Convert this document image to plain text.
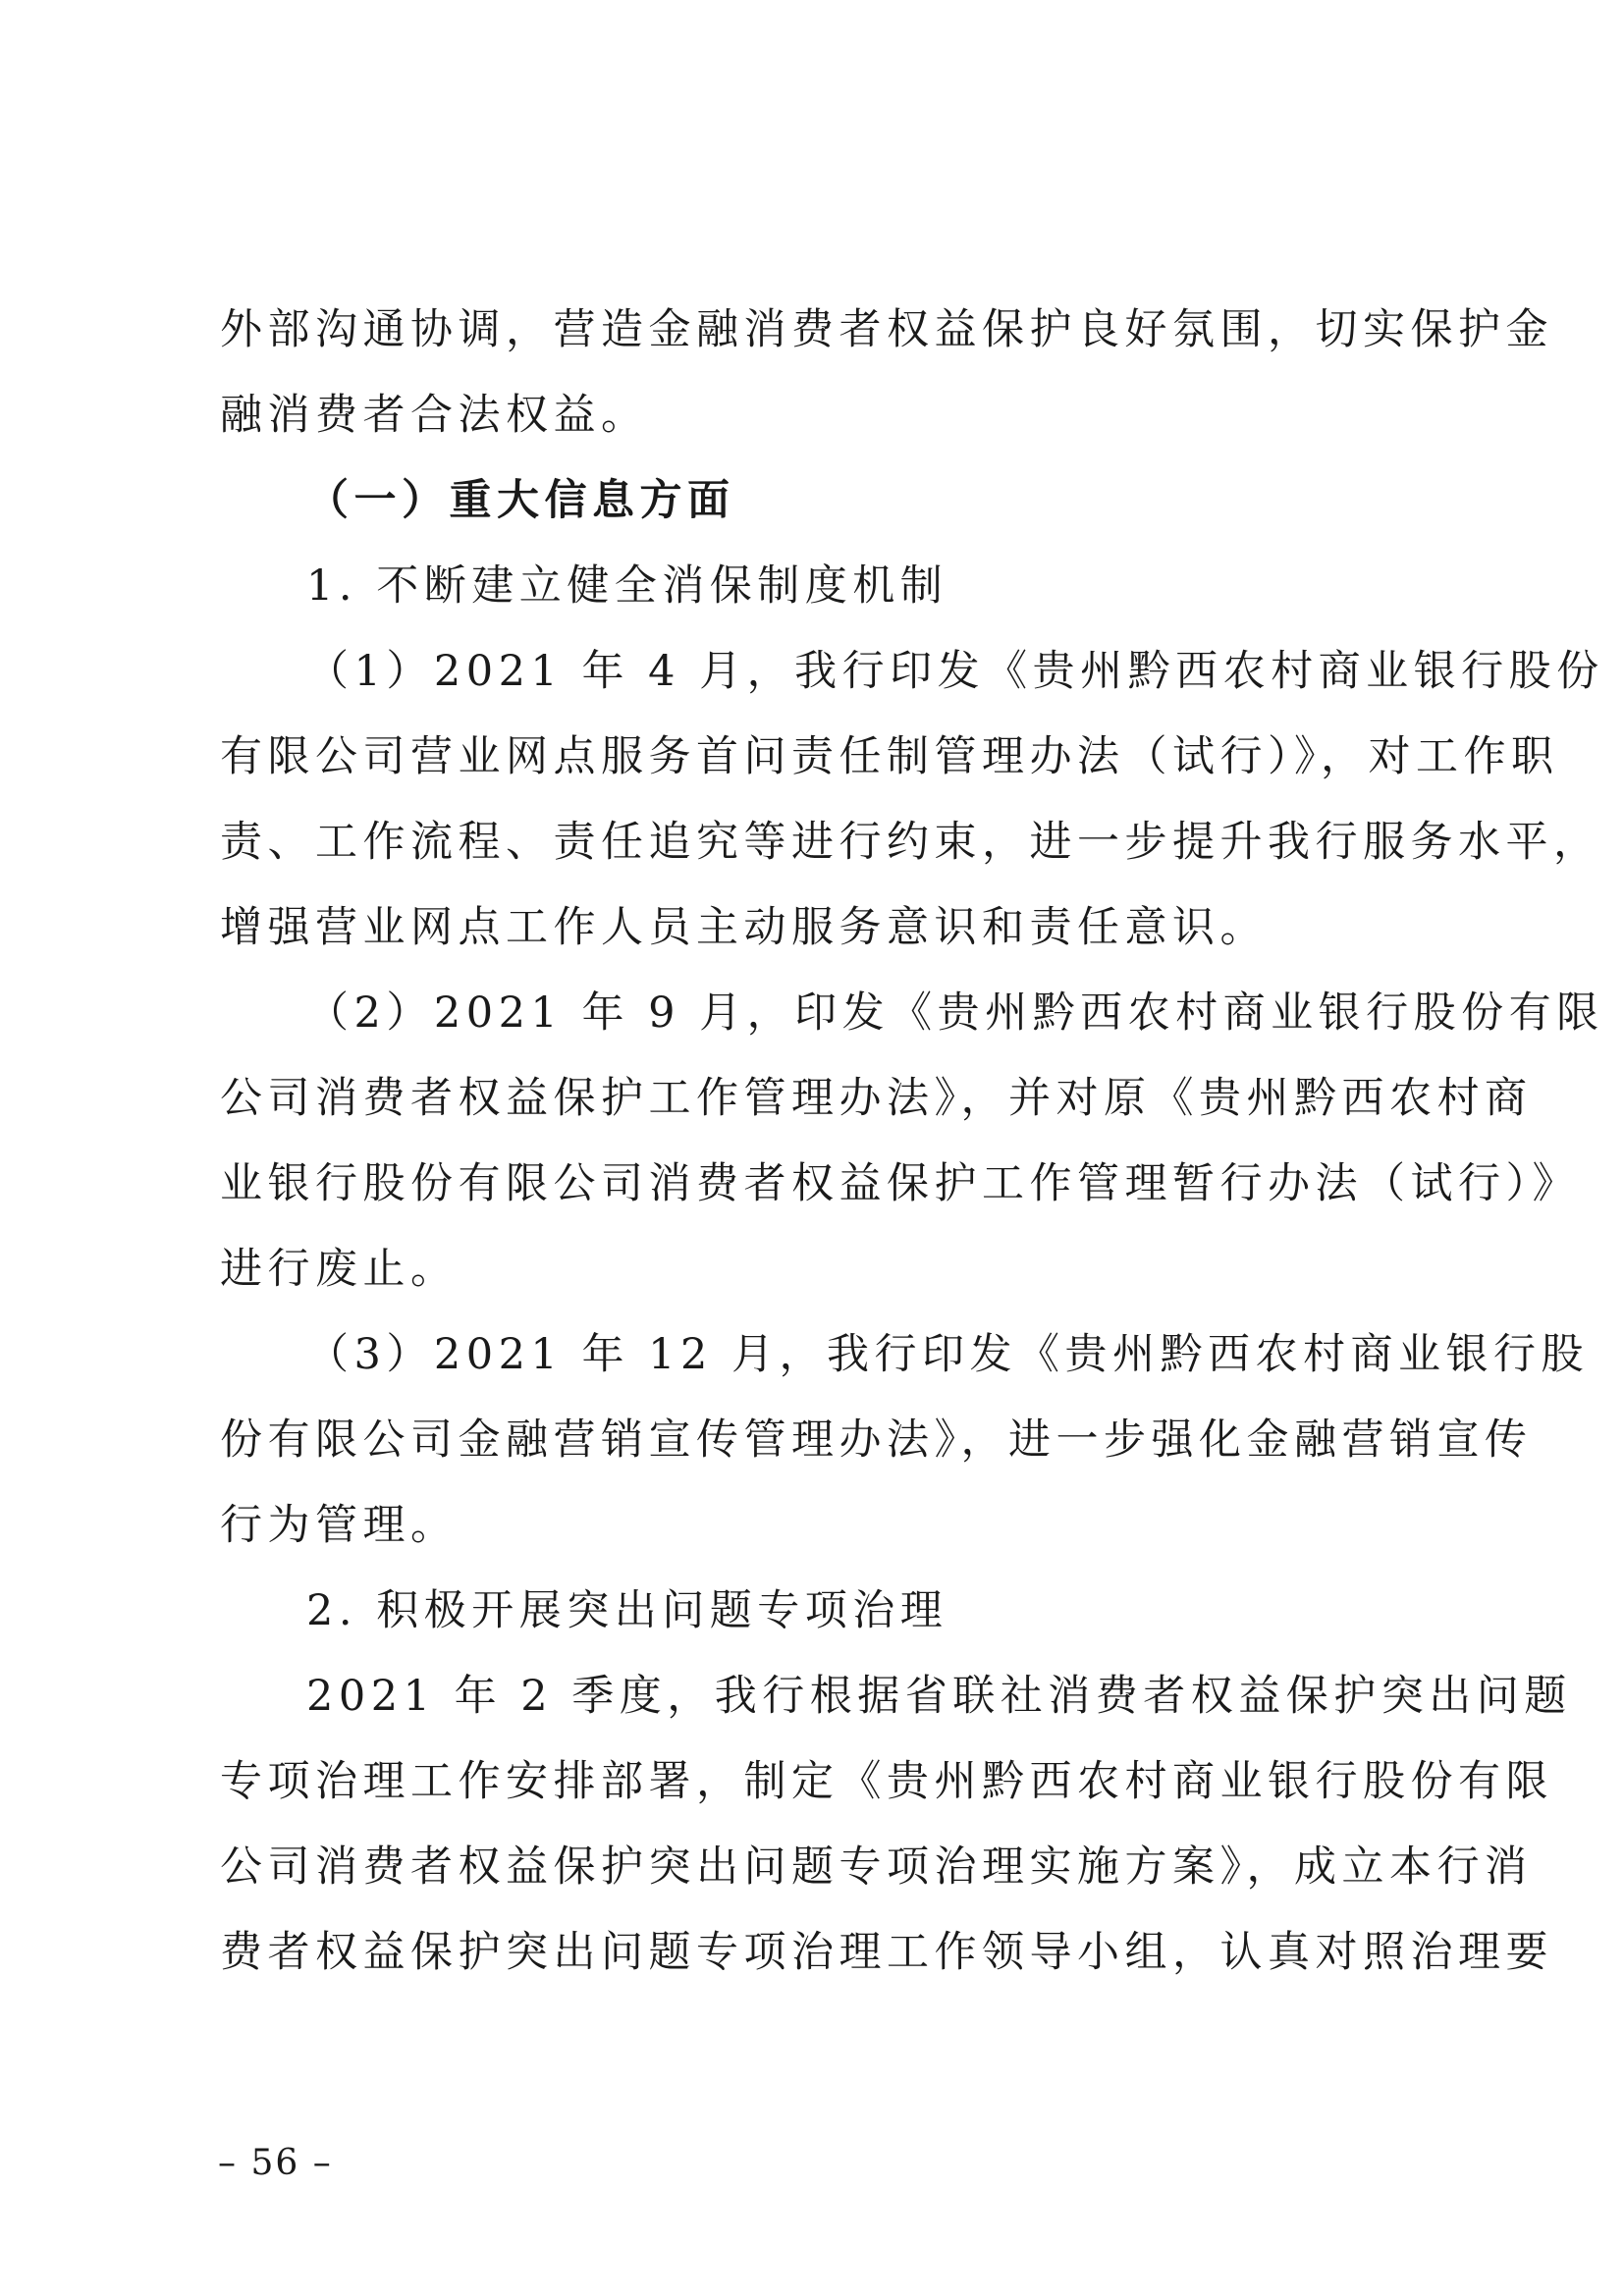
外部沟通协调，营造金融消费者权益保护良好氛围，切实保护金
融消费者合法权益。
（一）重大信息方面
1. 不断建立健全消保制度机制
（1）2021 年 4 月，我行印发《贵州黔西农村商业银行股份
有限公司营业网点服务首问责任制管理办法（试行）》，对工作职
责、工作流程、责任追究等进行约束，进一步提升我行服务水平，
增强营业网点工作人员主动服务意识和责任意识。
（2）2021 年 9 月，印发《贵州黔西农村商业银行股份有限
公司消费者权益保护工作管理办法》，并对原《贵州黔西农村商
业银行股份有限公司消费者权益保护工作管理暂行办法（试行）》
进行废止。
（3）2021 年 12 月，我行印发《贵州黔西农村商业银行股
份有限公司金融营销宣传管理办法》，进一步强化金融营销宣传
行为管理。
2. 积极开展突出问题专项治理
2021 年 2 季度，我行根据省联社消费者权益保护突出问题
专项治理工作安排部署，制定《贵州黔西农村商业银行股份有限
公司消费者权益保护突出问题专项治理实施方案》，成立本行消
费者权益保护突出问题专项治理工作领导小组，认真对照治理要
– 56 –
